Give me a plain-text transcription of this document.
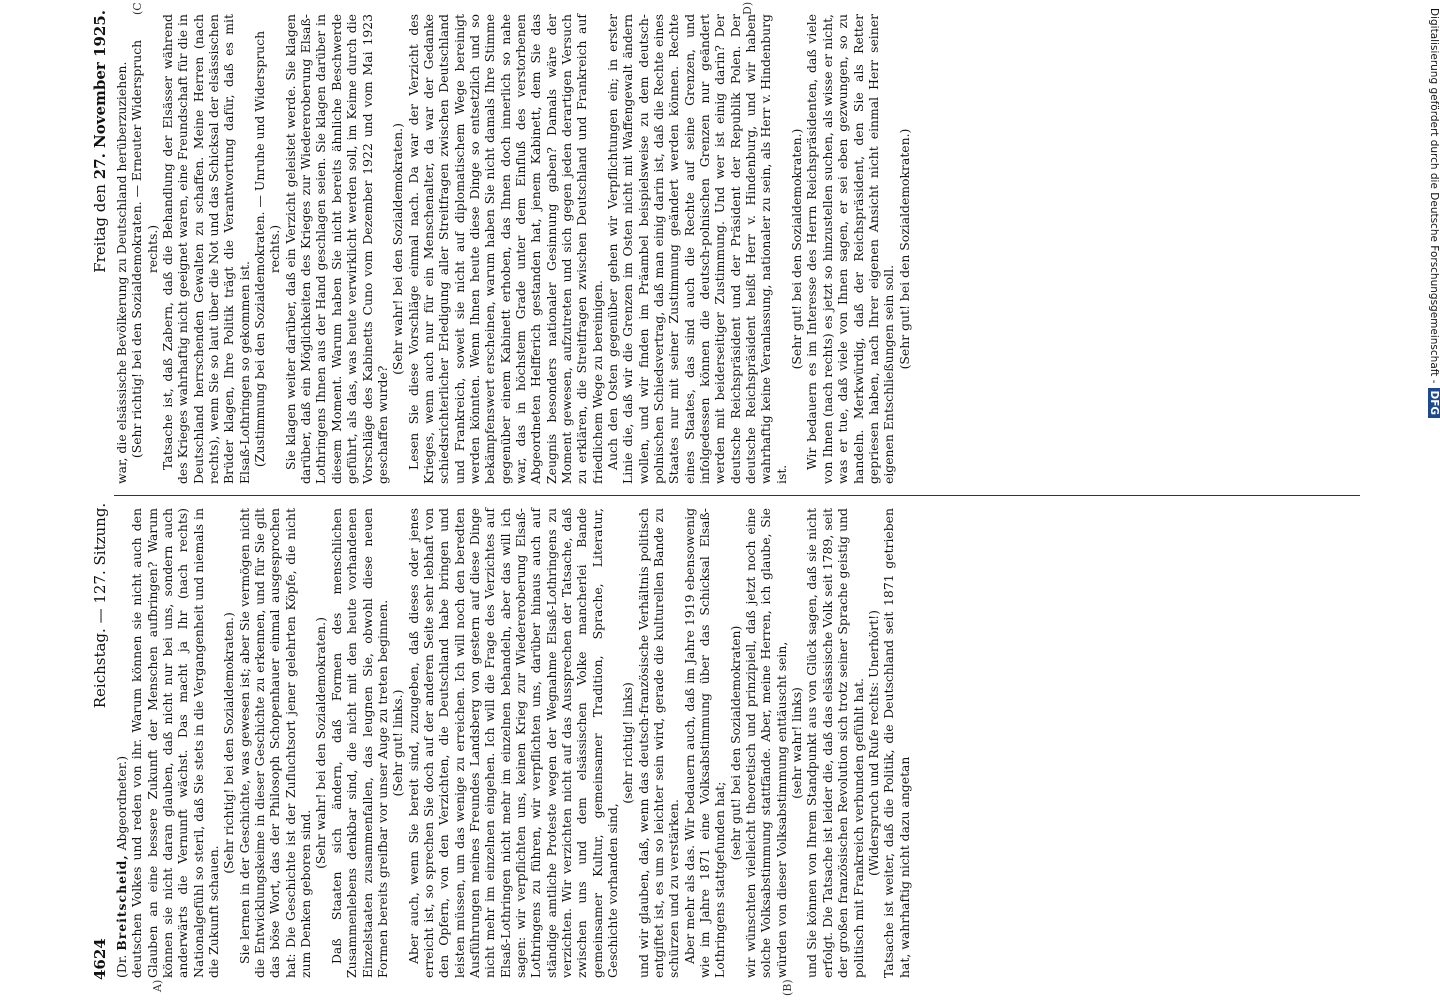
4624
Reichstag. — 127. Sitzung.
Freitag den 27. November 1925.
A)	(B)
(C	D)

(Dr. Breitscheid, Abgeordneter.) deutschen Volkes und reden von ihr. Warum können sie nicht auch den Glauben an eine bessere Zukunft der Menschen aufbringen? Warum können sie nicht daran glauben, daß nicht nur bei uns, sondern auch anderwärts die Vernunft wächst. Das macht ja Ihr (nach rechts) Nationalgefühl so steril, daß Sie stets in die Vergangenheit und niemals in die Zukunft schauen.

(Sehr richtig! bei den Sozialdemokraten.) Sie lernen in der Geschichte, was gewesen ist; aber Sie vermögen nicht die Entwicklungskeime in dieser Geschichte zu erkennen, und für Sie gilt das böse Wort, das der Philosoph Schopenhauer einmal ausgesprochen hat: Die Geschichte ist der Zufluchtsort jener gelehrten Köpfe, die nicht zum Denken geboren sind.

(Sehr wahr! bei den Sozialdemokraten.) Daß Staaten sich ändern, daß Formen des menschlichen Zusammenlebens denkbar sind, die nicht mit den heute vorhandenen Einzelstaaten zusammenfallen, das leugnen Sie, obwohl diese neuen Formen bereits greifbar vor unser Auge zu treten beginnen. (Sehr gut! links.) Aber auch, wenn Sie bereit sind, zuzugeben, daß dieses oder jenes erreicht ist, so sprechen Sie doch auf der anderen Seite sehr lebhaft von den Opfern, von den Verzichten, die Deutschland habe bringen und leisten müssen, um das wenige zu erreichen. Ich will noch den beredten Ausführungen meines Freundes Landsberg von gestern auf diese Dinge nicht mehr im einzelnen eingehen. Ich will die Frage des Verzichtes auf Elsaß-Lothringen nicht mehr im einzelnen behandeln, aber das will ich sagen: wir verpflichten uns, keinen Krieg zur Wiedereroberung Elsaß-Lothringens zu führen, wir verpflichten uns, darüber hinaus auch auf ständige amtliche Proteste wegen der Wegnahme Elsaß-Lothringens zu verzichten. Wir verzichten nicht auf das Aussprechen der Tatsache, daß zwischen uns und dem elsässischen Volke mancherlei Bande gemeinsamer Kultur, gemeinsamer Tradition, Sprache, Literatur, Geschichte vorhanden sind,

(sehr richtig! links) und wir glauben, daß, wenn das deutsch-französische Verhältnis politisch entgiftet ist, es um so leichter sein wird, gerade die kulturellen Bande zu schürzen und zu verstärken. Aber mehr als das. Wir bedauern auch, daß im Jahre 1919 ebensowenig wie im Jahre 1871 eine Volksabstimmung über das Schicksal Elsaß-Lothringens stattgefunden hat;

(sehr gut! bei den Sozialdemokraten) wir wünschten vielleicht theoretisch und prinzipiell, daß jetzt noch eine solche Volksabstimmung stattfände. Aber, meine Herren, ich glaube, Sie würden von dieser Volksabstimmung enttäuscht sein, (sehr wahr! links) und Sie können von Ihrem Standpunkt aus von Glück sagen, daß sie nicht erfolgt. Die Tatsache ist leider die, daß das elsässische Volk seit 1789, seit der großen französischen Revolution sich trotz seiner Sprache geistig und politisch mit Frankreich verbunden gefühlt hat. (Widerspruch und Rufe rechts: Unerhört!) Tatsache ist weiter, daß die Politik, die Deutschland seit 1871 getrieben hat, wahrhaftig nicht dazu angetan

war, die elsässische Bevölkerung zu Deutschland herüberzuziehen. (Sehr richtig! bei den Sozialdemokraten. — Erneuter Widerspruch rechts.) Tatsache ist, daß Zabern, daß die Behandlung der Elsässer während des Krieges wahrhaftig nicht geeignet waren, eine Freundschaft für die in Deutschland herrschenden Gewalten zu schaffen. Meine Herren (nach rechts), wenn Sie so laut über die Not und das Schicksal der elsässischen Brüder klagen, Ihre Politik trägt die Verantwortung dafür, daß es mit Elsaß-Lothringen so gekommen ist. (Zustimmung bei den Sozialdemokraten. — Unruhe und Widerspruch rechts.) Sie klagen weiter darüber, daß ein Verzicht geleistet werde. Sie klagen darüber, daß ein Möglichkeiten des Krieges zur Wiedereroberung Elsaß-Lothringens Ihnen aus der Hand geschlagen seien. Sie klagen darüber in diesem Moment. Warum haben Sie nicht bereits ähnliche Beschwerde geführt, als das, was heute verwirklicht werden soll, im Keime durch die Vorschläge des Kabinetts Cuno vom Dezember 1922 und vom Mai 1923 geschaffen wurde?

(Sehr wahr! bei den Sozialdemokraten.) Lesen Sie diese Vorschläge einmal nach. Da war der Verzicht des Krieges, wenn auch nur für ein Menschenalter, da war der Gedanke schiedsrichterlicher Erledigung aller Streitfragen zwischen Deutschland und Frankreich, soweit sie nicht auf diplomatischem Wege bereinigt werden könnten. Wenn Ihnen heute diese Dinge so entsetzlich und so bekämpfenswert erscheinen, warum haben Sie nicht damals Ihre Stimme gegenüber einem Kabinett erhoben, das Ihnen doch innerlich so nahe war, das in höchstem Grade unter dem Einfluß des verstorbenen Abgeordneten Helfferich gestanden hat, jenem Kabinett, dem Sie das Zeugnis besonders nationaler Gesinnung gaben? Damals wäre der Moment gewesen, aufzutreten und sich gegen jeden derartigen Versuch zu erklären, die Streitfragen zwischen Deutschland und Frankreich auf friedlichem Wege zu bereinigen. Auch den Osten gegenüber gehen wir Verpflichtungen ein; in erster Linie die, daß wir die Grenzen im Osten nicht mit Waffengewalt ändern wollen, und wir finden im Präambel beispielsweise zu dem deutsch-polnischen Schiedsvertrag, daß man einig darin ist, daß die Rechte eines Staates nur mit seiner Zustimmung geändert werden können. Rechte eines Staates, das sind auch die Rechte auf seine Grenzen, und infolgedessen können die deutsch-polnischen Grenzen nur geändert werden mit beiderseitiger Zustimmung. Und wer ist einig darin? Der deutsche Reichspräsident und der Präsident der Republik Polen. Der deutsche Reichspräsident heißt Herr v. Hindenburg, und wir haben wahrhaftig keine Veranlassung, nationaler zu sein, als Herr v. Hindenburg ist.

(Sehr gut! bei den Sozialdemokraten.) Wir bedauern es im Interesse des Herrn Reichspräsidenten, daß viele von Ihnen (nach rechts) es jetzt so hinzustellen suchen, als wisse er nicht, was er tue, daß viele von Ihnen sagen, er sei eben gezwungen, so zu handeln. Merkwürdig, daß der Reichspräsident, den Sie als Retter gepriesen haben, nach Ihrer eigenen Ansicht nicht einmal Herr seiner eigenen Entschließungen sein soll.

(Sehr gut! bei den Sozialdemokraten.)	Digitalisierung gefördert durch die Deutsche Forschungsgemeinschaft -DFG
